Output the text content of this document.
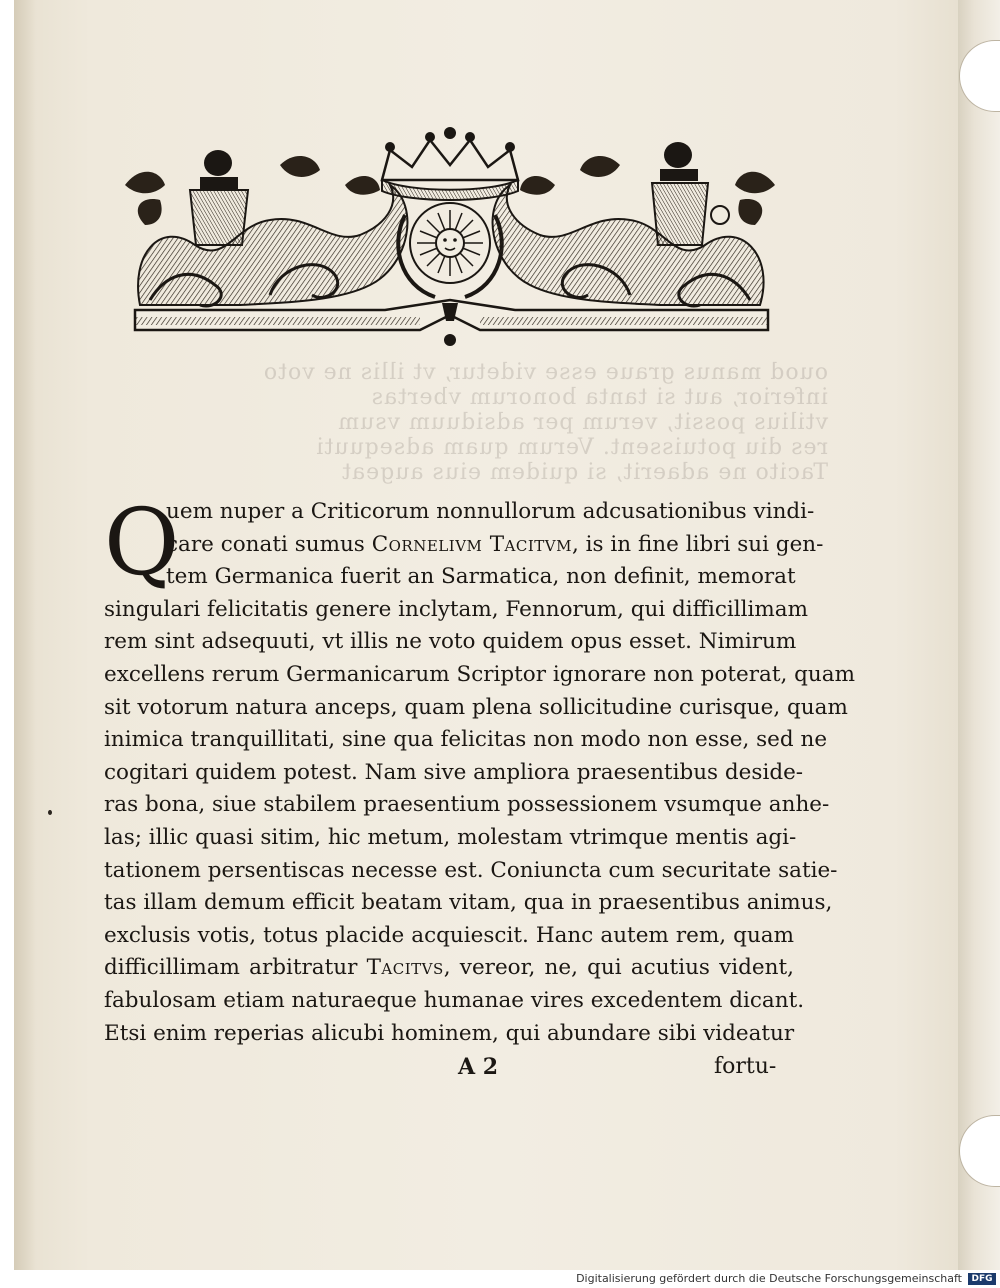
ouod manus graue esse videtur, vt illis ne voto
inferior, aut si tanta bonorum vbertas
vtilius possit, verum per adsiduum vsum
res diu potuissent. Verum quam adsequuti
Tacito ne adaerit, si quidem eius augeat
Q
uem nuper a Criticorum nonnullorum adcusationibus vindi-
care conati sumus Cornelivm Tacitvm, is in fine libri sui gen-
tem Germanica fuerit an Sarmatica, non definit, memorat
singulari felicitatis genere inclytam, Fennorum, qui difficillimam
rem sint adsequuti, vt illis ne voto quidem opus esset. Nimirum
excellens rerum Germanicarum Scriptor ignorare non poterat, quam
sit votorum natura anceps, quam plena sollicitudine curisque, quam
inimica tranquillitati, sine qua felicitas non modo non esse, sed ne
cogitari quidem potest. Nam sive ampliora praesentibus deside-
ras bona, siue stabilem praesentium possessionem vsumque anhe-
las; illic quasi sitim, hic metum, molestam vtrimque mentis agi-
tationem persentiscas necesse est. Coniuncta cum securitate satie-
tas illam demum efficit beatam vitam, qua in praesentibus animus,
exclusis votis, totus placide acquiescit. Hanc autem rem, quam
difficillimam arbitratur Tacitvs, vereor, ne, qui acutius vident,
fabulosam etiam naturaeque humanae vires excedentem dicant.
Etsi enim reperias alicubi hominem, qui abundare sibi videatur
A 2	fortu-
Digitalisierung gefördert durch die Deutsche Forschungsgemeinschaft	DFG
